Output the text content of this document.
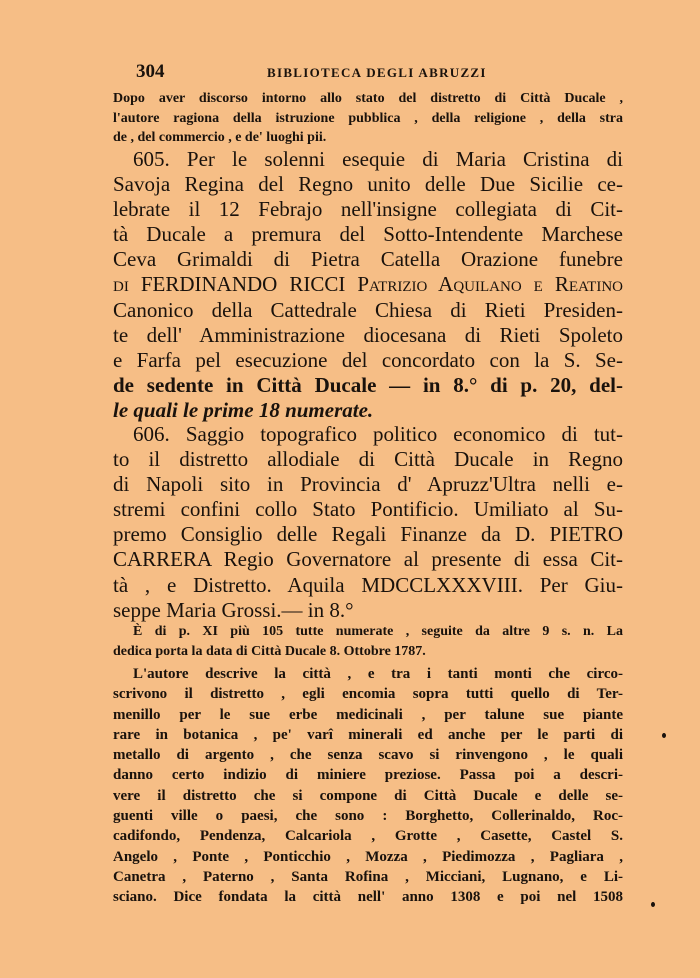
304	BIBLIOTECA DEGLI ABRUZZI
Dopo aver discorso intorno allo stato del distretto di Città Ducale ,
l'autore ragiona della istruzione pubblica , della religione , della stra
de , del commercio , e de' luoghi pii.
605. Per le solenni esequie di Maria Cristina di
Savoja Regina del Regno unito delle Due Sicilie ce-
lebrate il 12 Febrajo nell'insigne collegiata di Cit-
tà Ducale a premura del Sotto-Intendente Marchese
Ceva Grimaldi di Pietra Catella Orazione funebre
di FERDINANDO RICCI Patrizio Aquilano e Reatino
Canonico della Cattedrale Chiesa di Rieti Presiden-
te dell' Amministrazione diocesana di Rieti Spoleto
e Farfa pel esecuzione del concordato con la S. Se-
de sedente in Città Ducale — in 8.° di p. 20, del-
le quali le prime 18 numerate.
606. Saggio topografico politico economico di tut-
to il distretto allodiale di Città Ducale in Regno
di Napoli sito in Provincia d' Apruzz'Ultra nelli e-
stremi confini collo Stato Pontificio. Umiliato al Su-
premo Consiglio delle Regali Finanze da D. PIETRO
CARRERA Regio Governatore al presente di essa Cit-
tà , e Distretto. Aquila MDCCLXXXVIII. Per Giu-
seppe Maria Grossi.— in 8.°
È di p. XI più 105 tutte numerate , seguite da altre 9 s. n. La
dedica porta la data di Città Ducale 8. Ottobre 1787.
L'autore descrive la città , e tra i tanti monti che circo-
scrivono il distretto , egli encomia sopra tutti quello di Ter-
menillo per le sue erbe medicinali , per talune sue piante
rare in botanica , pe' varî minerali ed anche per le parti di
metallo di argento , che senza scavo si rinvengono , le quali
danno certo indizio di miniere preziose. Passa poi a descri-
vere il distretto che si compone di Città Ducale e delle se-
guenti ville o paesi, che sono : Borghetto, Collerinaldo, Roc-
cadifondo, Pendenza, Calcariola , Grotte , Casette, Castel S.
Angelo , Ponte , Ponticchio , Mozza , Piedimozza , Pagliara ,
Canetra , Paterno , Santa Rofina , Micciani, Lugnano, e Li-
sciano. Dice fondata la città nell' anno 1308 e poi nel 1508
